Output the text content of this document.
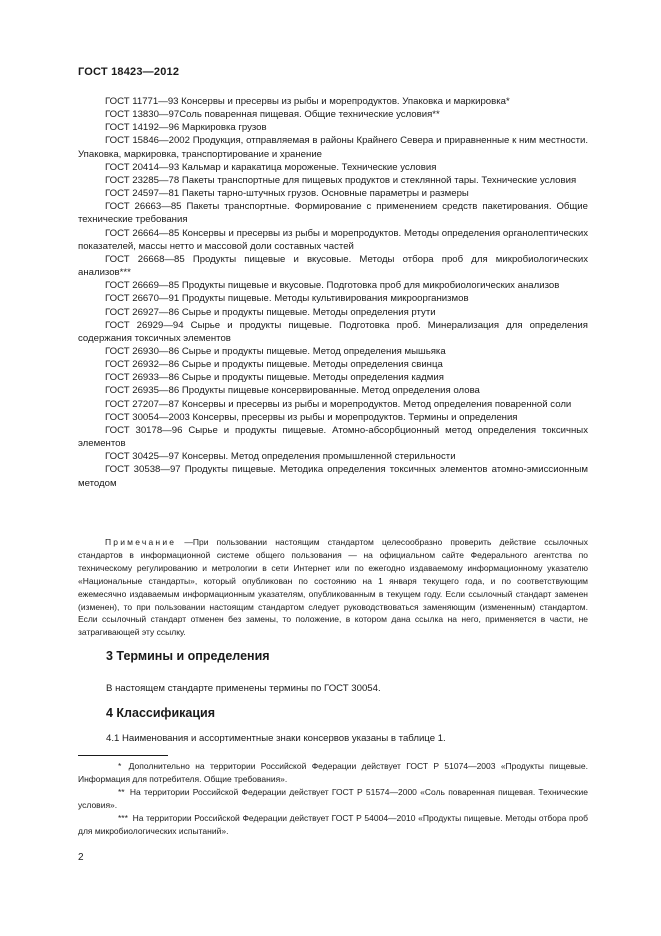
ГОСТ 18423—2012
ГОСТ 11771—93 Консервы и пресервы из рыбы и морепродуктов. Упаковка и маркировка*
ГОСТ 13830—97Соль поваренная пищевая. Общие технические условия**
ГОСТ 14192—96 Маркировка грузов
ГОСТ 15846—2002 Продукция, отправляемая в районы Крайнего Севера и приравненные к ним местности. Упаковка, маркировка, транспортирование и хранение
ГОСТ 20414—93 Кальмар и каракатица мороженые. Технические условия
ГОСТ 23285—78 Пакеты транспортные для пищевых продуктов и стеклянной тары. Технические условия
ГОСТ 24597—81 Пакеты тарно-штучных грузов. Основные параметры и размеры
ГОСТ 26663—85 Пакеты транспортные. Формирование с применением средств пакетирования. Общие технические требования
ГОСТ 26664—85 Консервы и пресервы из рыбы и морепродуктов. Методы определения органолептических показателей, массы нетто и массовой доли составных частей
ГОСТ 26668—85 Продукты пищевые и вкусовые. Методы отбора проб для микробиологических анализов***
ГОСТ 26669—85 Продукты пищевые и вкусовые. Подготовка проб для микробиологических анализов
ГОСТ 26670—91 Продукты пищевые. Методы культивирования микроорганизмов
ГОСТ 26927—86 Сырье и продукты пищевые. Методы определения ртути
ГОСТ 26929—94 Сырье и продукты пищевые. Подготовка проб. Минерализация для определения содержания токсичных элементов
ГОСТ 26930—86 Сырье и продукты пищевые. Метод определения мышьяка
ГОСТ 26932—86 Сырье и продукты пищевые. Методы определения свинца
ГОСТ 26933—86 Сырье и продукты пищевые. Методы определения кадмия
ГОСТ 26935—86 Продукты пищевые консервированные. Метод определения олова
ГОСТ 27207—87 Консервы и пресервы из рыбы и морепродуктов. Метод определения поваренной соли
ГОСТ 30054—2003 Консервы, пресервы из рыбы и морепродуктов. Термины и определения
ГОСТ 30178—96 Сырье и продукты пищевые. Атомно-абсорбционный метод определения токсичных элементов
ГОСТ 30425—97 Консервы. Метод определения промышленной стерильности
ГОСТ 30538—97 Продукты пищевые. Методика определения токсичных элементов атомно-эмиссионным методом
Примечание —При пользовании настоящим стандартом целесообразно проверить действие ссылочных стандартов в информационной системе общего пользования — на официальном сайте Федерального агентства по техническому регулированию и метрологии в сети Интернет или по ежегодно издаваемому информационному указателю «Национальные стандарты», который опубликован по состоянию на 1 января текущего года, и по соответствующим ежемесячно издаваемым информационным указателям, опубликованным в текущем году. Если ссылочный стандарт заменен (изменен), то при пользовании настоящим стандартом следует руководствоваться заменяющим (измененным) стандартом. Если ссылочный стандарт отменен без замены, то положение, в котором дана ссылка на него, применяется в части, не затрагивающей эту ссылку.
3 Термины и определения
В настоящем стандарте применены термины по ГОСТ 30054.
4 Классификация
4.1 Наименования и ассортиментные знаки консервов указаны в таблице 1.
* Дополнительно на территории Российской Федерации действует ГОСТ Р 51074—2003 «Продукты пищевые. Информация для потребителя. Общие требования».
** На территории Российской Федерации действует ГОСТ Р 51574—2000 «Соль поваренная пищевая. Технические условия».
*** На территории Российской Федерации действует ГОСТ Р 54004—2010 «Продукты пищевые. Методы отбора проб для микробиологических испытаний».
2
